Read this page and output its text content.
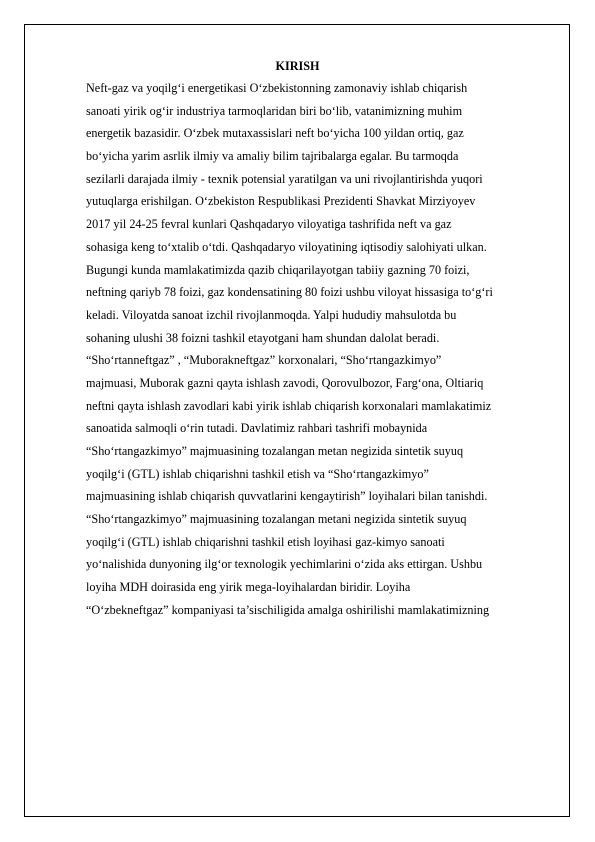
KIRISH
Neft-gaz va yoqilg‘i energetikasi O‘zbekistonning zamonaviy ishlab chiqarish
sanoati yirik og‘ir industriya tarmoqlaridan biri bo‘lib, vatanimizning muhim
energetik bazasidir. O‘zbek mutaxassislari neft bo‘yicha 100 yildan ortiq, gaz
bo‘yicha yarim asrlik ilmiy va amaliy bilim tajribalarga egalar. Bu tarmoqda
sezilarli darajada ilmiy - texnik potensial yaratilgan va uni rivojlantirishda yuqori
yutuqlarga erishilgan. O‘zbekiston Respublikasi Prezidenti Shavkat Mirziyoyev
2017 yil 24-25 fevral kunlari Qashqadaryo viloyatiga tashrifida neft va gaz
sohasiga keng to‘xtalib o‘tdi. Qashqadaryo viloyatining iqtisodiy salohiyati ulkan.
Bugungi kunda mamlakatimizda qazib chiqarilayotgan tabiiy gazning 70 foizi,
neftning qariyb 78 foizi, gaz kondensatining 80 foizi ushbu viloyat hissasiga to‘g‘ri
keladi. Viloyatda sanoat izchil rivojlanmoqda. Yalpi hududiy mahsulotda bu
sohaning ulushi 38 foizni tashkil etayotgani ham shundan dalolat beradi.
“Sho‘rtanneftgaz” , “Muborakneftgaz” korxonalari, “Sho‘rtangazkimyo”
majmuasi, Muborak gazni qayta ishlash zavodi, Qorovulbozor, Farg‘ona, Oltiariq
neftni qayta ishlash zavodlari kabi yirik ishlab chiqarish korxonalari mamlakatimiz
sanoatida salmoqli o‘rin tutadi. Davlatimiz rahbari tashrifi mobaynida
“Sho‘rtangazkimyo” majmuasining tozalangan metan negizida sintetik suyuq
yoqilg‘i (GTL) ishlab chiqarishni tashkil etish va “Sho‘rtangazkimyo”
majmuasining ishlab chiqarish quvvatlarini kengaytirish” loyihalari bilan tanishdi.
“Sho‘rtangazkimyo” majmuasining tozalangan metani negizida sintetik suyuq
yoqilg‘i (GTL) ishlab chiqarishni tashkil etish loyihasi gaz-kimyo sanoati
yo‘nalishida dunyoning ilg‘or texnologik yechimlarini o‘zida aks ettirgan. Ushbu
loyiha MDH doirasida eng yirik mega-loyihalardan biridir. Loyiha
“O‘zbekneftgaz” kompaniyasi ta’sischiligida amalga oshirilishi mamlakatimizning
